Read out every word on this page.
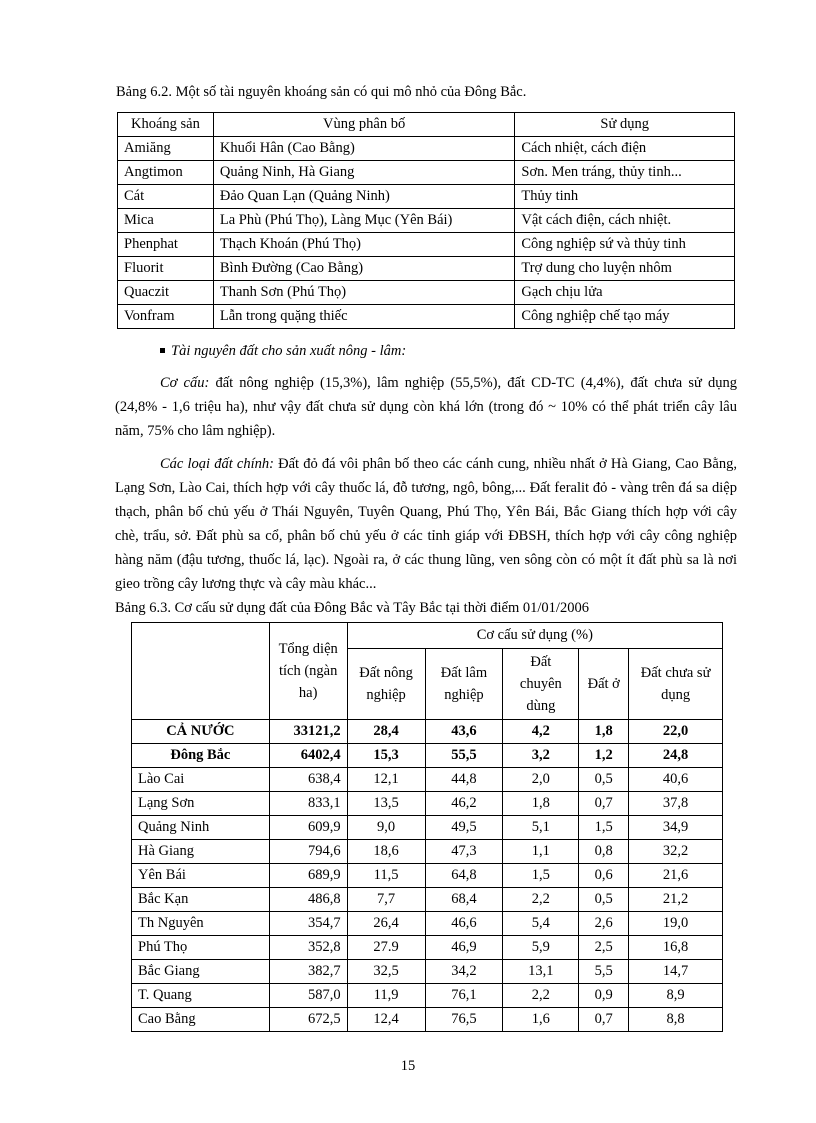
Bảng 6.2. Một số tài nguyên khoáng sản có qui mô nhỏ của Đông Bắc.
Khoáng sản	Vùng phân bố	Sử dụng
Amiăng	Khuổi Hân (Cao Bằng)	Cách nhiệt, cách điện
Angtimon	Quảng Ninh, Hà Giang	Sơn. Men tráng, thủy tinh...
Cát	Đảo Quan Lạn (Quảng Ninh)	Thủy tinh
Mica	La Phù (Phú Thọ), Làng Mục (Yên Bái)	Vật cách điện, cách nhiệt.
Phenphat	Thạch Khoán (Phú Thọ)	Công nghiệp sứ và thủy tinh
Fluorit	Bình Đường (Cao Bằng)	Trợ dung cho luyện nhôm
Quaczit	Thanh Sơn (Phú Thọ)	Gạch chịu lửa
Vonfram	Lẫn trong quặng thiếc	Công nghiệp chế tạo máy
Tài nguyên đất cho sản xuất nông - lâm:
Cơ cấu: đất nông nghiệp (15,3%), lâm nghiệp (55,5%), đất CD-TC (4,4%), đất chưa sử dụng (24,8% - 1,6 triệu ha), như vậy đất chưa sử dụng còn khá lớn (trong đó ~ 10% có thể phát triển cây lâu năm, 75% cho lâm nghiệp).
Các loại đất chính: Đất đỏ đá vôi phân bố theo các cánh cung, nhiều nhất ở Hà Giang, Cao Bằng, Lạng Sơn, Lào Cai, thích hợp với cây thuốc lá, đỗ tương, ngô, bông,... Đất feralit đỏ - vàng trên đá sa diệp thạch, phân bố chủ yếu ở Thái Nguyên, Tuyên Quang, Phú Thọ, Yên Bái, Bắc Giang thích hợp với cây chè, trẩu, sở. Đất phù sa cổ, phân bố chủ yếu ở các tỉnh giáp với ĐBSH, thích hợp với cây công nghiệp hàng năm (đậu tương, thuốc lá, lạc). Ngoài ra, ở các thung lũng, ven sông còn có một ít đất phù sa là nơi gieo trồng cây lương thực và cây màu khác...
Bảng 6.3. Cơ cấu sử dụng đất của Đông Bắc và Tây Bắc tại thời điểm 01/01/2006
	Tổng diện tích (ngàn ha)	Cơ cấu sử dụng (%)				
		Đất nông nghiệp	Đất lâm nghiệp	Đất chuyên dùng	Đất ở	Đất chưa sử dụng
CẢ NƯỚC	33121,2	28,4	43,6	4,2	1,8	22,0
Đông Bắc	6402,4	15,3	55,5	3,2	1,2	24,8
Lào Cai	638,4	12,1	44,8	2,0	0,5	40,6
Lạng Sơn	833,1	13,5	46,2	1,8	0,7	37,8
Quảng Ninh	609,9	9,0	49,5	5,1	1,5	34,9
Hà Giang	794,6	18,6	47,3	1,1	0,8	32,2
Yên Bái	689,9	11,5	64,8	1,5	0,6	21,6
Bắc Kạn	486,8	7,7	68,4	2,2	0,5	21,2
Th Nguyên	354,7	26,4	46,6	5,4	2,6	19,0
Phú Thọ	352,8	27.9	46,9	5,9	2,5	16,8
Bắc Giang	382,7	32,5	34,2	13,1	5,5	14,7
T. Quang	587,0	11,9	76,1	2,2	0,9	8,9
Cao Bằng	672,5	12,4	76,5	1,6	0,7	8,8
15
